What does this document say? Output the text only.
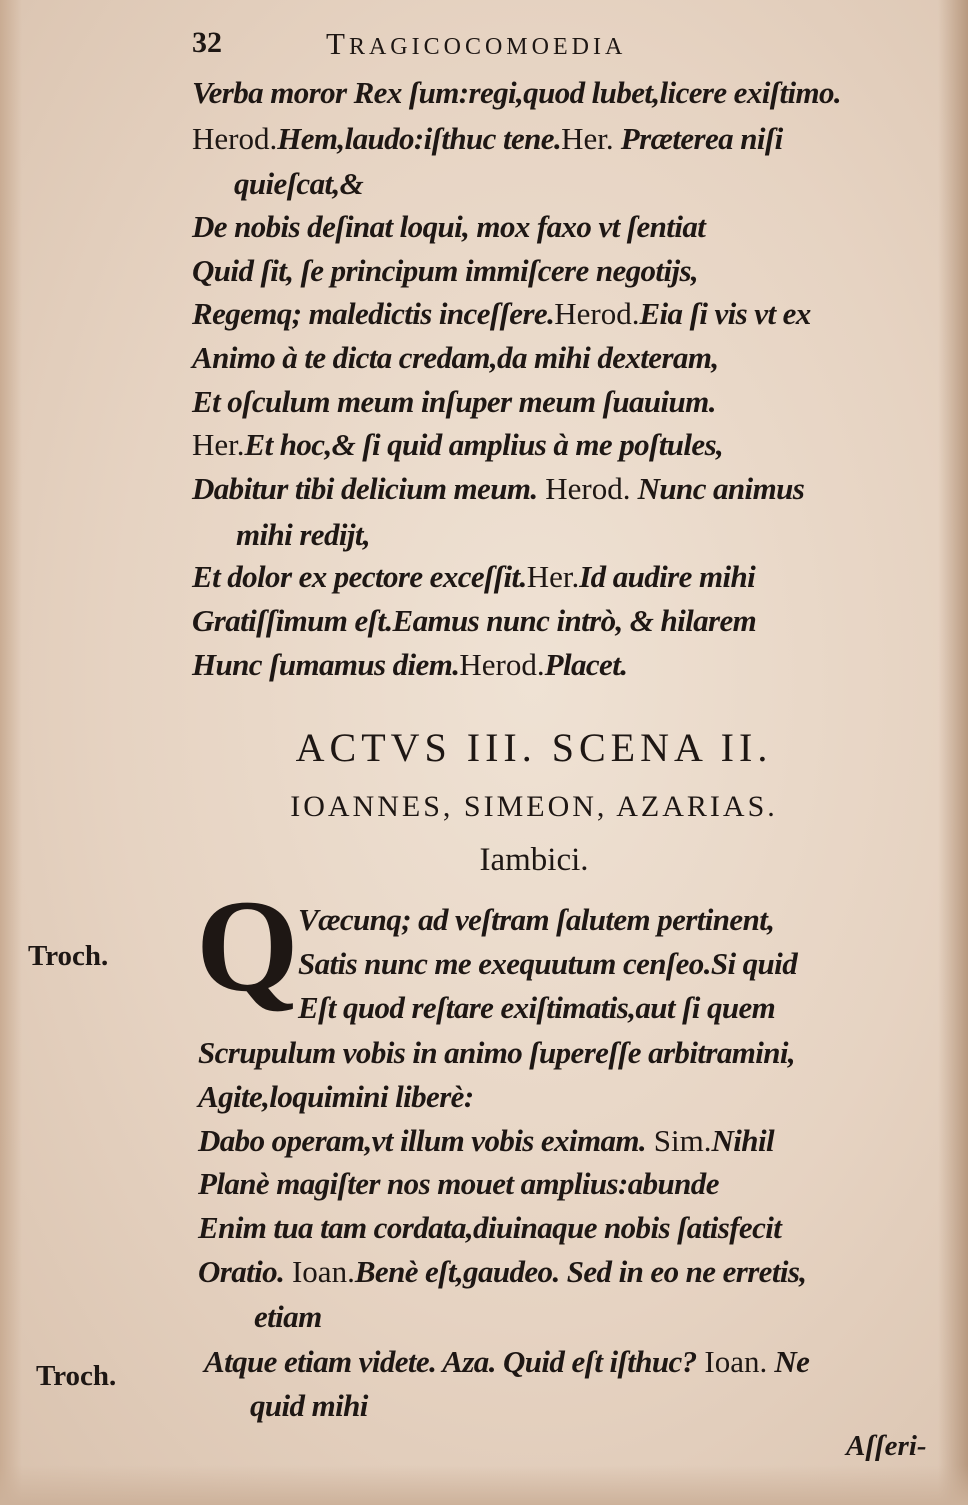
32	TRAGICOCOMOEDIA
Verba moror Rex ſum:regi,quod lubet,licere exiſtimo.
Herod.Hem,laudo:iſthuc tene.Her. Præterea niſi
quieſcat,&
De nobis deſinat loqui, mox faxo vt ſentiat
Quid ſit, ſe principum immiſcere negotijs,
Regemq; maledictis inceſſere.Herod.Eia ſi vis vt ex
Animo à te dicta credam,da mihi dexteram,
Et oſculum meum inſuper meum ſuauium.
Her.Et hoc,& ſi quid amplius à me poſtules,
Dabitur tibi delicium meum. Herod. Nunc animus
mihi redijt,
Et dolor ex pectore exceſſit.Her.Id audire mihi
Gratiſſimum eſt.Eamus nunc intrò, & hilarem
Hunc ſumamus diem.Herod.Placet.
ACTVS III. SCENA II.
IOANNES, SIMEON, AZARIAS.
Iambici.
Q Væcunq; ad veſtram ſalutem pertinent,
Satis nunc me exequutum cenſeo.Si quid
Eſt quod reſtare exiſtimatis,aut ſi quem
Scrupulum vobis in animo ſupereſſe arbitramini,
Agite,loquimini liberè:
Dabo operam,vt illum vobis eximam. Sim.Nihil
Planè magiſter nos mouet amplius:abunde
Enim tua tam cordata,diuinaque nobis ſatisfecit
Oratio. Ioan.Benè eſt,gaudeo. Sed in eo ne erretis,
etiam
Atque etiam videte. Aza. Quid eſt iſthuc? Ioan. Ne
quid mihi
Troch.
Troch.
Aſſeri-
